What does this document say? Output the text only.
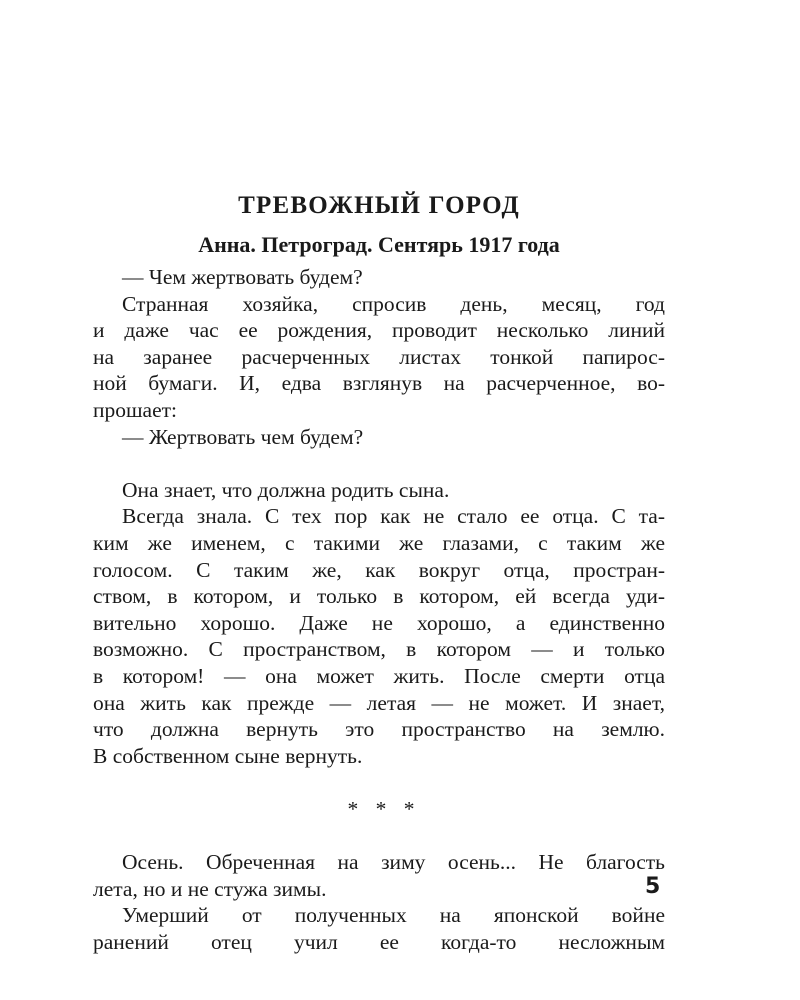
ТРЕВОЖНЫЙ ГОРОД
Анна. Петроград. Сентярь 1917 года
— Чем жертвовать будем?
Странная хозяйка, спросив день, месяц, год
и даже час ее рождения, проводит несколько линий
на заранее расчерченных листах тонкой папирос-
ной бумаги. И, едва взглянув на расчерченное, во-
прошает:
— Жертвовать чем будем?
Она знает, что должна родить сына.
Всегда знала. С тех пор как не стало ее отца. С та-
ким же именем, с такими же глазами, с таким же
голосом. С таким же, как вокруг отца, простран-
ством, в котором, и только в котором, ей всегда уди-
вительно хорошо. Даже не хорошо, а единственно
возможно. С пространством, в котором — и только
в котором! — она может жить. После смерти отца
она жить как прежде — летая — не может. И знает,
что должна вернуть это пространство на землю.
В собственном сыне вернуть.
* * *
Осень. Обреченная на зиму осень... Не благость
лета, но и не стужа зимы.
Умерший от полученных на японской войне
ранений отец учил ее когда-то несложным
5
